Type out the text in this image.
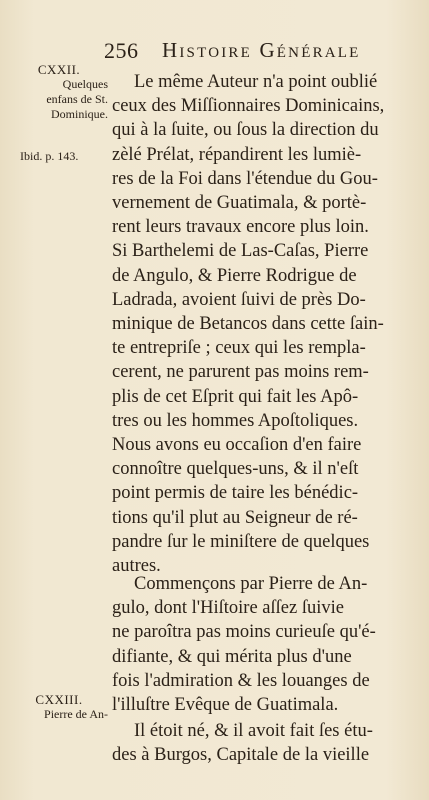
256 Histoire Générale
CXXII.
Quelques
enfans de St.
Dominique.
Ibid. p. 143.
CXXIII.
Pierre de An-
Le même Auteur n'a point oublié
ceux des Miſſionnaires Dominicains,
qui à la ſuite, ou ſous la direction du
zèlé Prélat, répandirent les lumiè-
res de la Foi dans l'étendue du Gou-
vernement de Guatimala, & portè-
rent leurs travaux encore plus loin.
Si Barthelemi de Las-Caſas, Pierre
de Angulo, & Pierre Rodrigue de
Ladrada, avoient ſuivi de près Do-
minique de Betancos dans cette ſain-
te entrepriſe ; ceux qui les rempla-
cerent, ne parurent pas moins rem-
plis de cet Eſprit qui fait les Apô-
tres ou les hommes Apoſtoliques.
Nous avons eu occaſion d'en faire
connoître quelques-uns, & il n'eſt
point permis de taire les bénédic-
tions qu'il plut au Seigneur de ré-
pandre ſur le miniſtere de quelques
autres.
Commençons par Pierre de An-
gulo, dont l'Hiſtoire aſſez ſuivie
ne paroîtra pas moins curieuſe qu'é-
difiante, & qui mérita plus d'une
fois l'admiration & les louanges de
l'illuſtre Evêque de Guatimala.
Il étoit né, & il avoit fait ſes étu-
des à Burgos, Capitale de la vieille
